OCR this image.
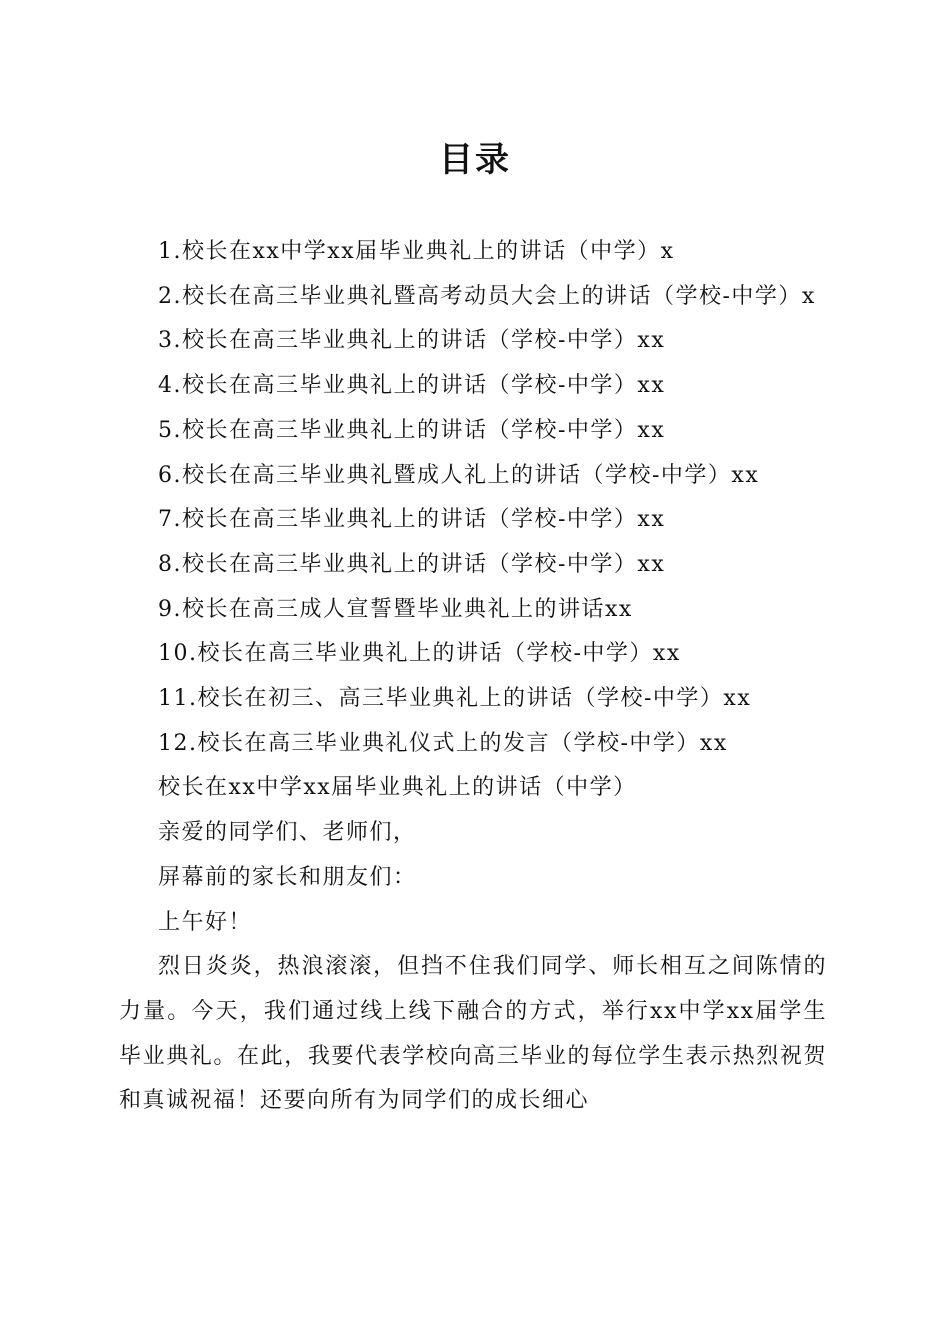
目录

1.校长在xx中学xx届毕业典礼上的讲话（中学）x

2.校长在高三毕业典礼暨高考动员大会上的讲话（学校-中学）x

3.校长在高三毕业典礼上的讲话（学校-中学）xx

4.校长在高三毕业典礼上的讲话（学校-中学）xx

5.校长在高三毕业典礼上的讲话（学校-中学）xx

6.校长在高三毕业典礼暨成人礼上的讲话（学校-中学）xx

7.校长在高三毕业典礼上的讲话（学校-中学）xx

8.校长在高三毕业典礼上的讲话（学校-中学）xx

9.校长在高三成人宣誓暨毕业典礼上的讲话xx

10.校长在高三毕业典礼上的讲话（学校-中学）xx

11.校长在初三、高三毕业典礼上的讲话（学校-中学）xx

12.校长在高三毕业典礼仪式上的发言（学校-中学）xx

校长在xx中学xx届毕业典礼上的讲话（中学）

亲爱的同学们、老师们，

屏幕前的家长和朋友们：

上午好！

烈日炎炎，热浪滚滚，但挡不住我们同学、师长相互之间陈情的力量。今天，我们通过线上线下融合的方式，举行xx中学xx届学生毕业典礼。在此，我要代表学校向高三毕业的每位学生表示热烈祝贺和真诚祝福！还要向所有为同学们的成长细心
